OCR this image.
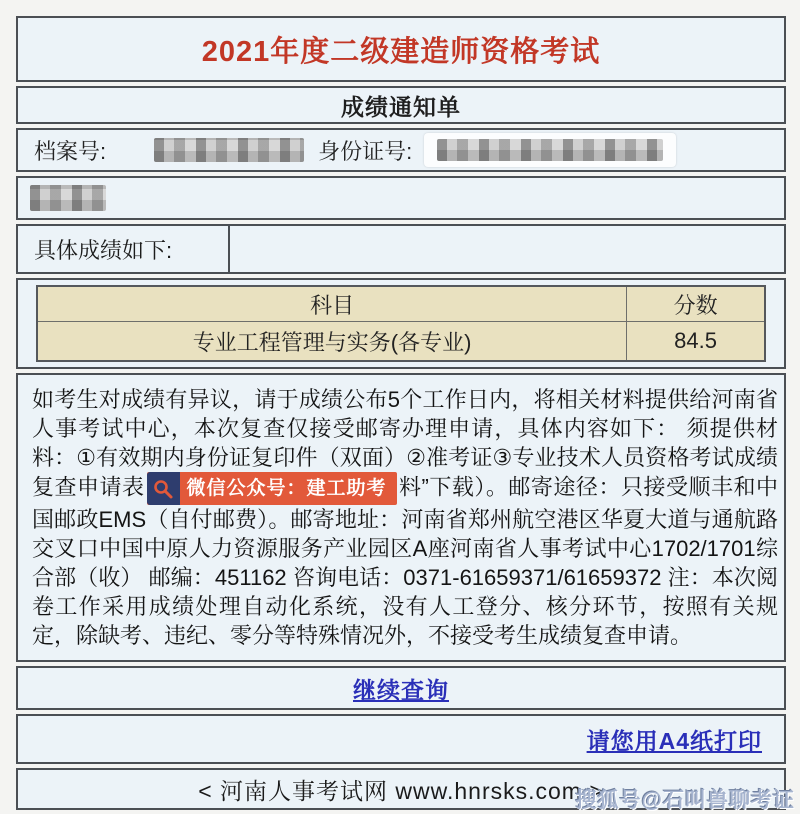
2021年度二级建造师资格考试
成绩通知单
档案号:	身份证号:
具体成绩如下:
科目	分数
专业工程管理与实务(各专业)	84.5
如考生对成绩有异议，请于成绩公布5个工作日内，将相关材料提供给河南省人事考试中心，本次复查仅接受邮寄办理申请，具体内容如下： 须提供材料：①有效期内身份证复印件（双面）②准考证③专业技术人员资格考试成绩复查申请表	微信公众号：建工助考 料”下载）。邮寄途径：只接受顺丰和中国邮政EMS（自付邮费）。邮寄地址：河南省郑州航空港区华夏大道与通航路交叉口中国中原人力资源服务产业园区A座河南省人事考试中心1702/1701综合部（收） 邮编：451162 咨询电话：0371-61659371/61659372 注：本次阅卷工作采用成绩处理自动化系统，没有人工登分、核分环节，按照有关规定，除缺考、违纪、零分等特殊情况外，不接受考生成绩复查申请。
继续查询
请您用A4纸打印
< 河南人事考试网 www.hnrsks.com >
搜狐号@石叫兽聊考证
